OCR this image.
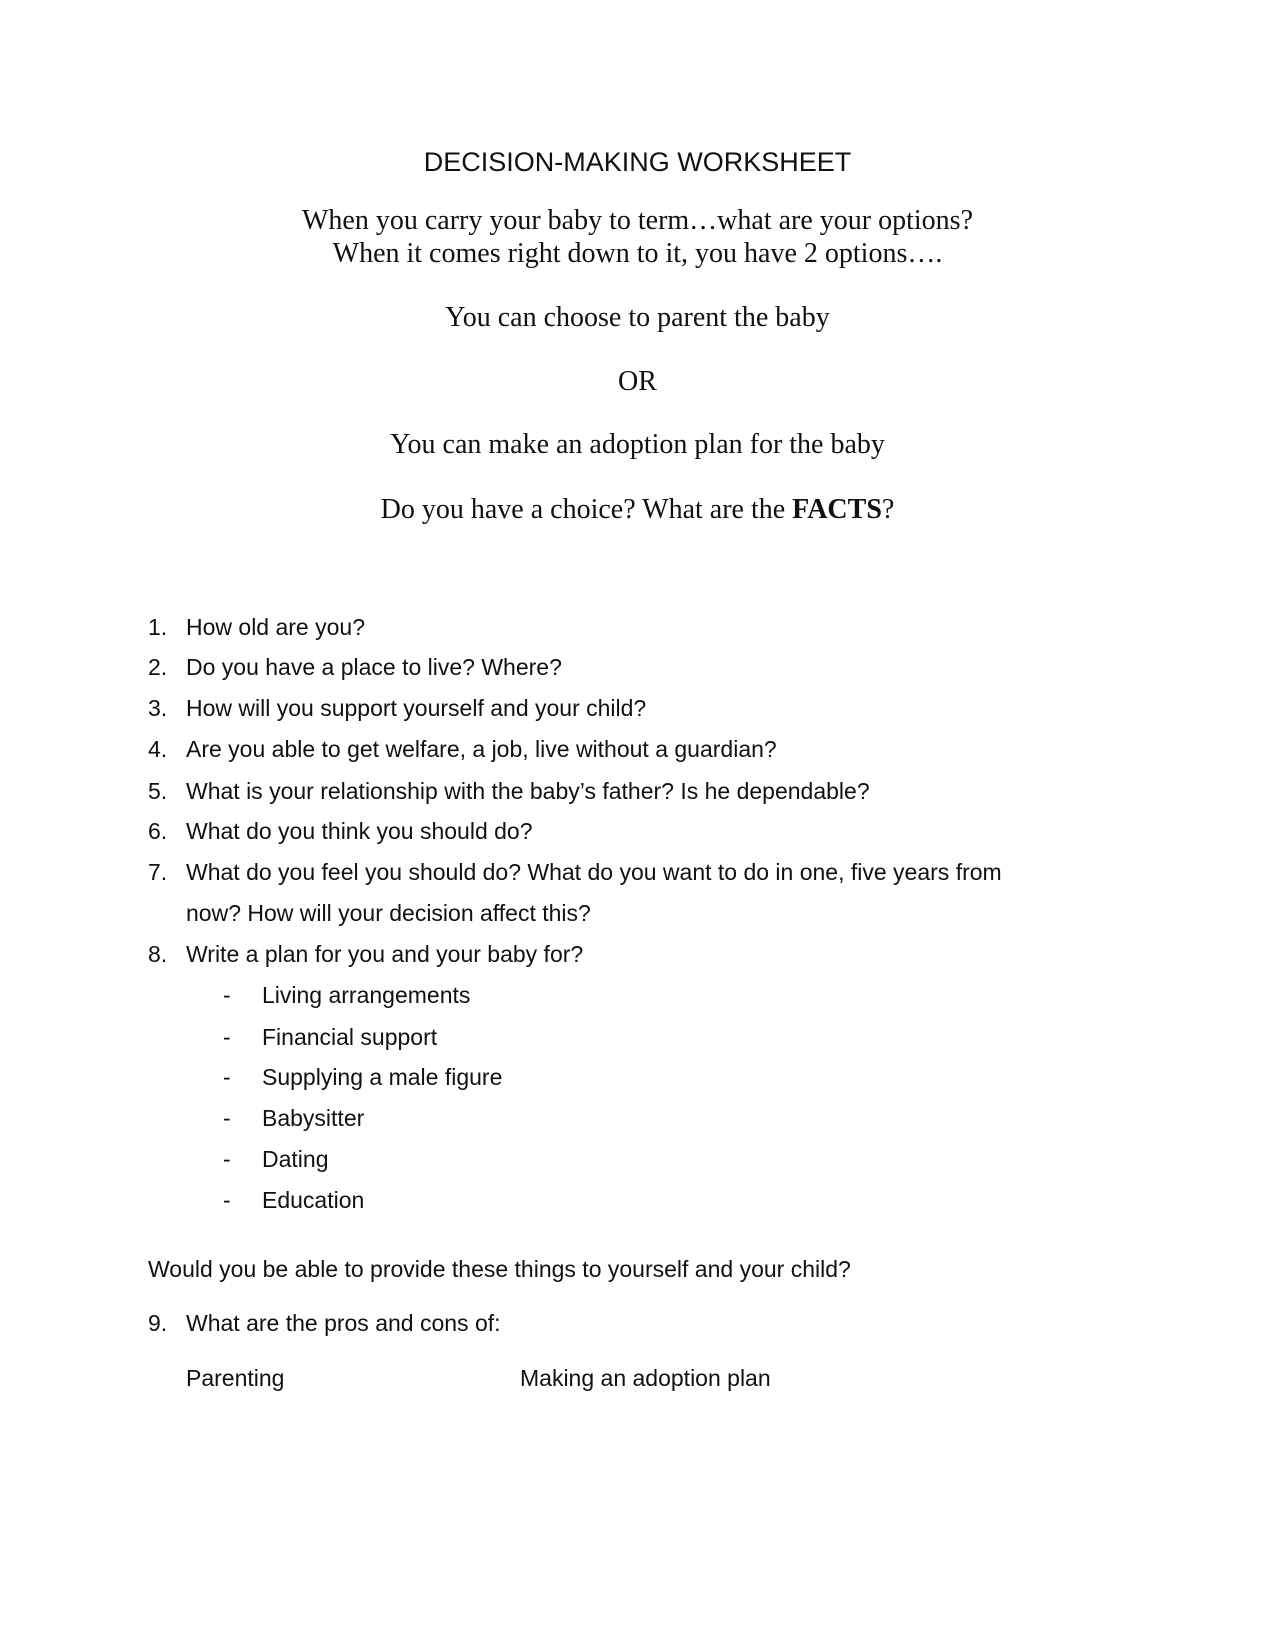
DECISION-MAKING WORKSHEET
When you carry your baby to term…what are your options?
When it comes right down to it, you have 2 options….
You can choose to parent the baby
OR
You can make an adoption plan for the baby
Do you have a choice? What are the FACTS?
1. How old are you?
2. Do you have a place to live? Where?
3. How will you support yourself and your child?
4. Are you able to get welfare, a job, live without a guardian?
5. What is your relationship with the baby’s father? Is he dependable?
6. What do you think you should do?
7. What do you feel you should do? What do you want to do in one, five years from
now? How will your decision affect this?
8. Write a plan for you and your baby for?
- Living arrangements
- Financial support
- Supplying a male figure
- Babysitter
- Dating
- Education
Would you be able to provide these things to yourself and your child?
9. What are the pros and cons of:
Parenting	Making an adoption plan
